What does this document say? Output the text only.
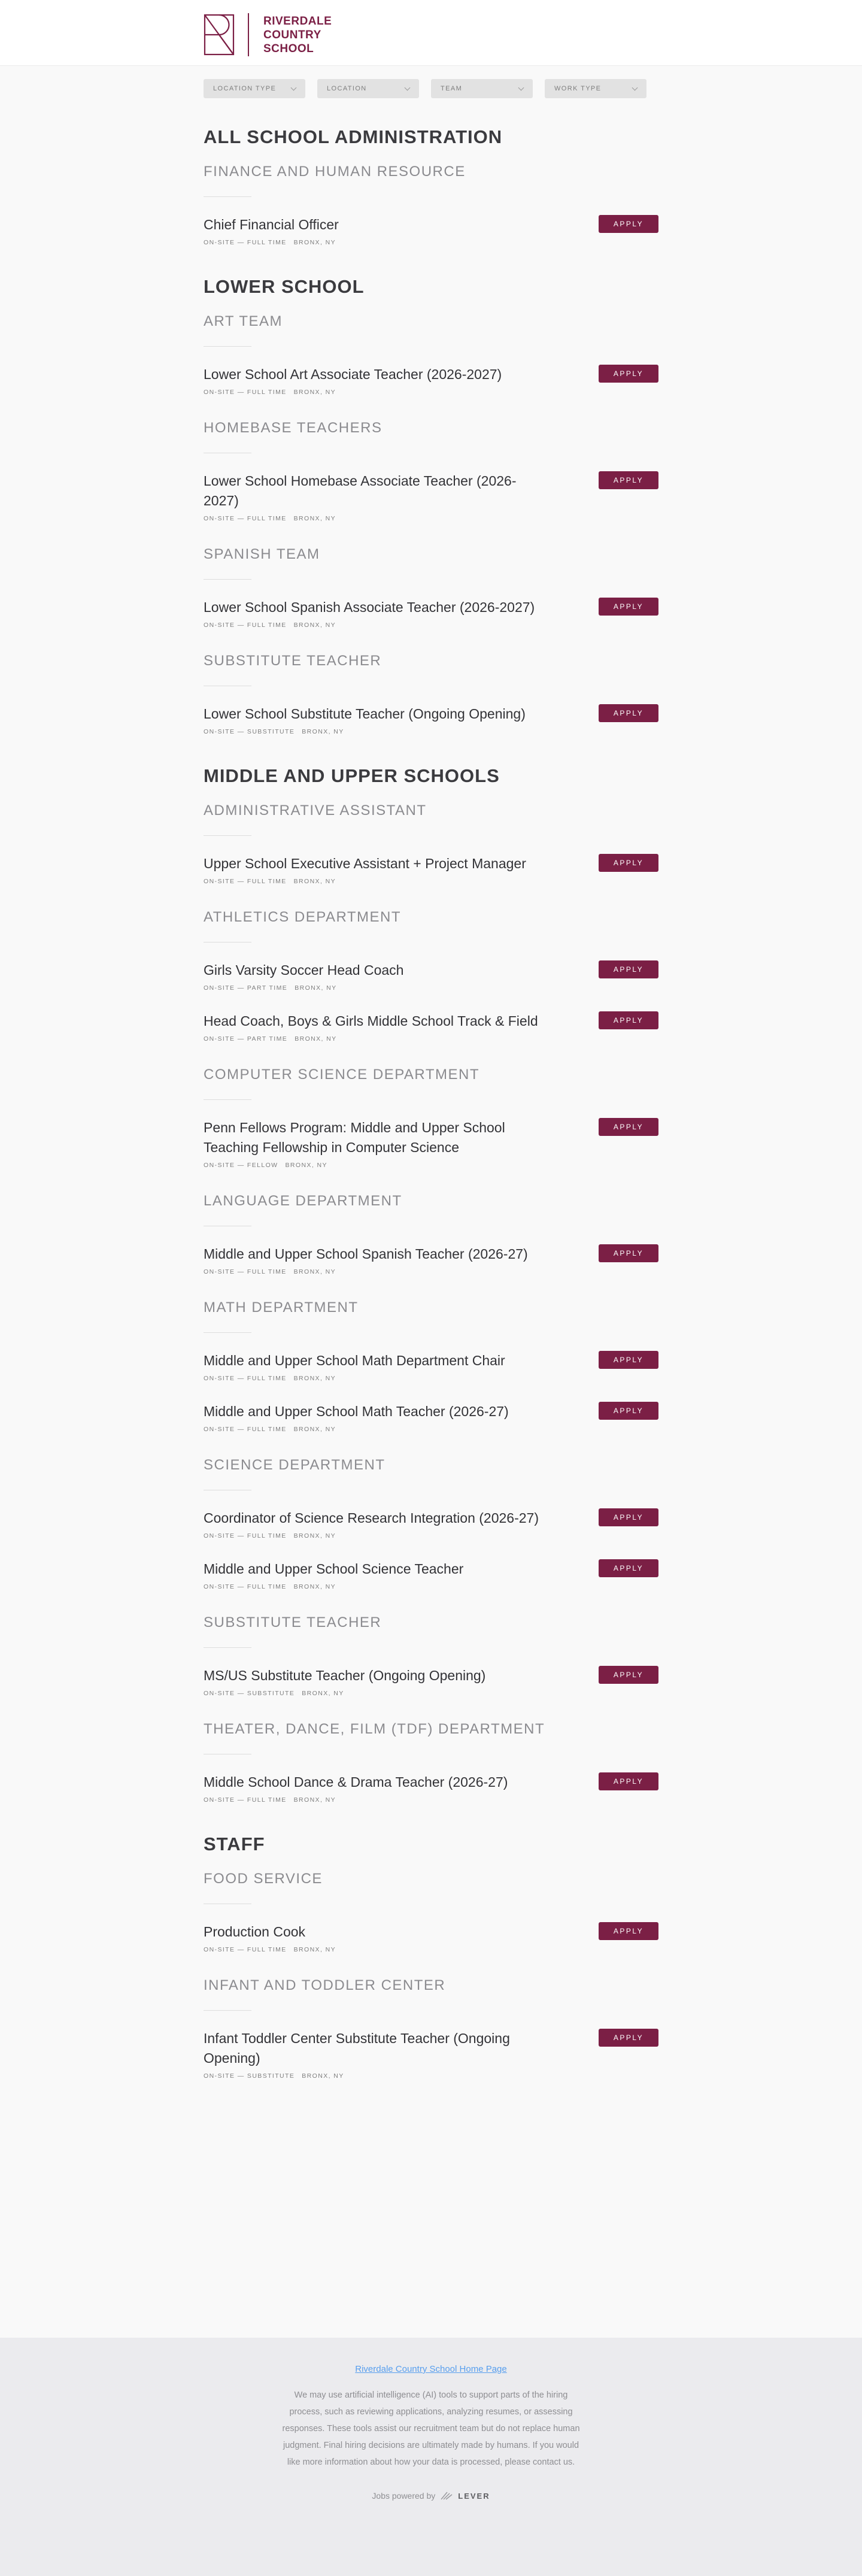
RIVERDALE
COUNTRY
SCHOOL
LOCATION TYPE	LOCATION	TEAM	WORK TYPE
ALL SCHOOL ADMINISTRATION
FINANCE AND HUMAN RESOURCE
Chief Financial Officer
ON-SITE — FULL TIME BRONX, NY
APPLY
LOWER SCHOOL
ART TEAM
Lower School Art Associate Teacher (2026-2027)
ON-SITE — FULL TIME BRONX, NY
APPLY
HOMEBASE TEACHERS
Lower School Homebase Associate Teacher (2026-2027)
ON-SITE — FULL TIME BRONX, NY
APPLY
SPANISH TEAM
Lower School Spanish Associate Teacher (2026-2027)
ON-SITE — FULL TIME BRONX, NY
APPLY
SUBSTITUTE TEACHER
Lower School Substitute Teacher (Ongoing Opening)
ON-SITE — SUBSTITUTE BRONX, NY
APPLY
MIDDLE AND UPPER SCHOOLS
ADMINISTRATIVE ASSISTANT
Upper School Executive Assistant + Project Manager
ON-SITE — FULL TIME BRONX, NY
APPLY
ATHLETICS DEPARTMENT
Girls Varsity Soccer Head Coach
ON-SITE — PART TIME BRONX, NY
APPLY
Head Coach, Boys & Girls Middle School Track & Field
ON-SITE — PART TIME BRONX, NY
APPLY
COMPUTER SCIENCE DEPARTMENT
Penn Fellows Program: Middle and Upper School Teaching Fellowship in Computer Science
ON-SITE — FELLOW BRONX, NY
APPLY
LANGUAGE DEPARTMENT
Middle and Upper School Spanish Teacher (2026-27)
ON-SITE — FULL TIME BRONX, NY
APPLY
MATH DEPARTMENT
Middle and Upper School Math Department Chair
ON-SITE — FULL TIME BRONX, NY
APPLY
Middle and Upper School Math Teacher (2026-27)
ON-SITE — FULL TIME BRONX, NY
APPLY
SCIENCE DEPARTMENT
Coordinator of Science Research Integration (2026-27)
ON-SITE — FULL TIME BRONX, NY
APPLY
Middle and Upper School Science Teacher
ON-SITE — FULL TIME BRONX, NY
APPLY
SUBSTITUTE TEACHER
MS/US Substitute Teacher (Ongoing Opening)
ON-SITE — SUBSTITUTE BRONX, NY
APPLY
THEATER, DANCE, FILM (TDF) DEPARTMENT
Middle School Dance & Drama Teacher (2026-27)
ON-SITE — FULL TIME BRONX, NY
APPLY
STAFF
FOOD SERVICE
Production Cook
ON-SITE — FULL TIME BRONX, NY
APPLY
INFANT AND TODDLER CENTER
Infant Toddler Center Substitute Teacher (Ongoing Opening)
ON-SITE — SUBSTITUTE BRONX, NY
APPLY
Riverdale Country School Home Page

We may use artificial intelligence (AI) tools to support parts of the hiring process, such as reviewing applications, analyzing resumes, or assessing responses. These tools assist our recruitment team but do not replace human judgment. Final hiring decisions are ultimately made by humans. If you would like more information about how your data is processed, please contact us.

Jobs powered by	LEVER
